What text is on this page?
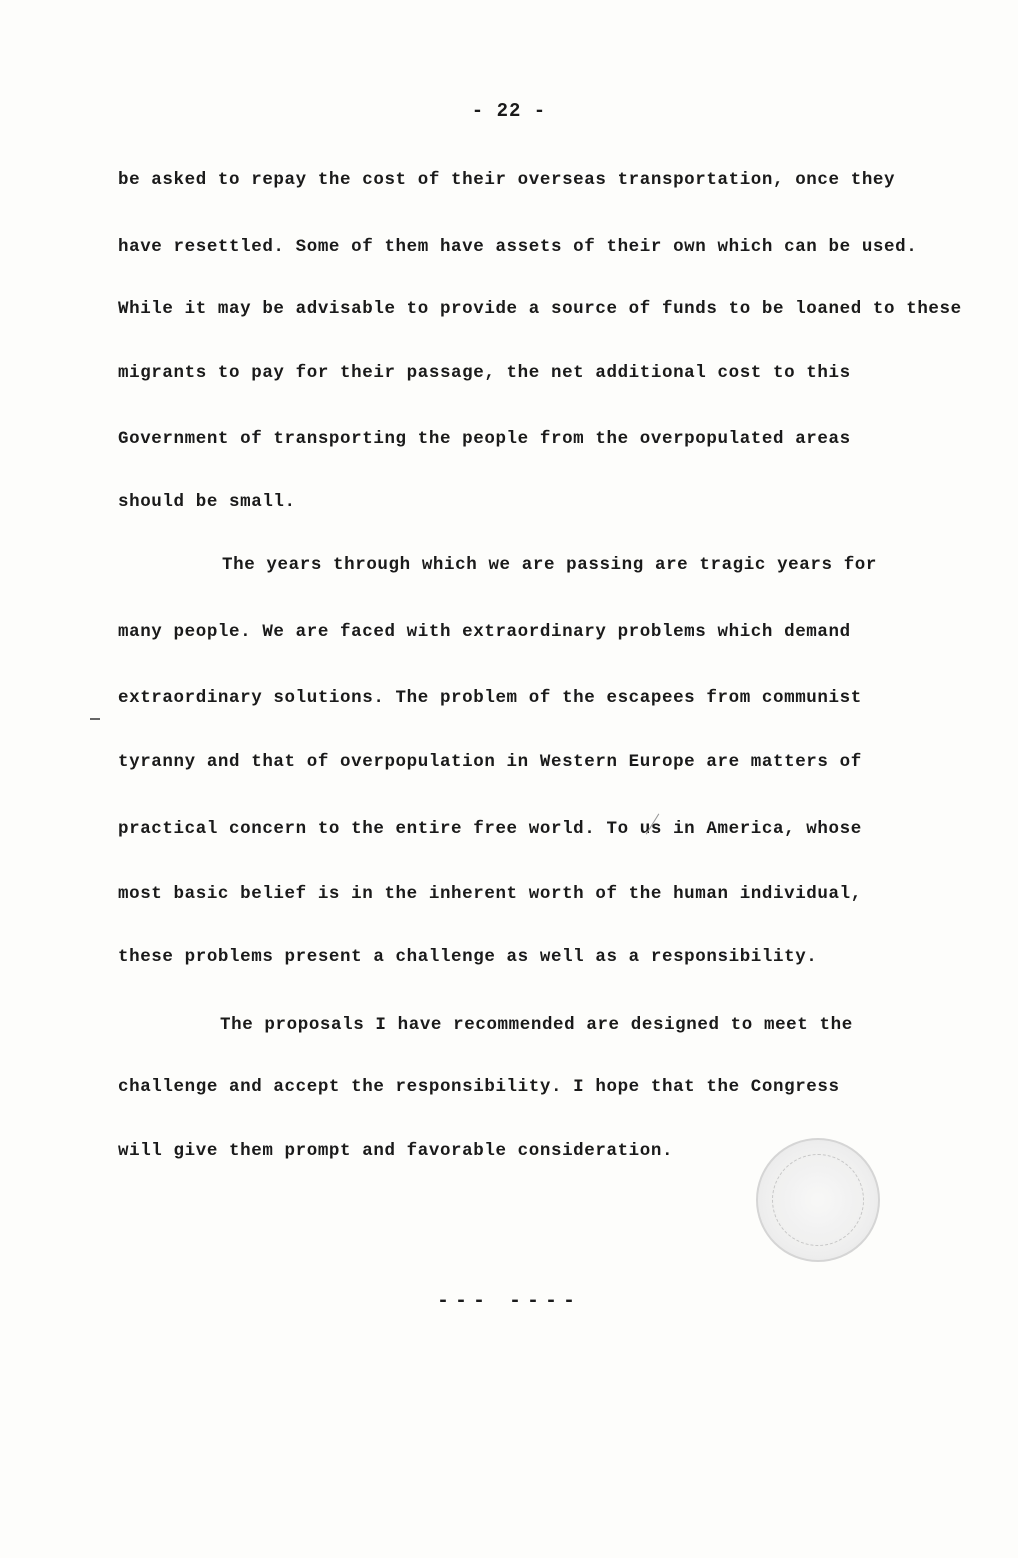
- 22 -
be asked to repay the cost of their overseas transportation, once they
have resettled. Some of them have assets of their own which can be used.
While it may be advisable to provide a source of funds to be loaned to these
migrants to pay for their passage, the net additional cost to this
Government of transporting the people from the overpopulated areas
should be small.
The years through which we are passing are tragic years for
many people. We are faced with extraordinary problems which demand
extraordinary solutions. The problem of the escapees from communist
tyranny and that of overpopulation in Western Europe are matters of
practical concern to the entire free world. To us in America, whose
most basic belief is in the inherent worth of the human individual,
these problems present a challenge as well as a responsibility.
The proposals I have recommended are designed to meet the
challenge and accept the responsibility. I hope that the Congress
will give them prompt and favorable consideration.
--- ----
